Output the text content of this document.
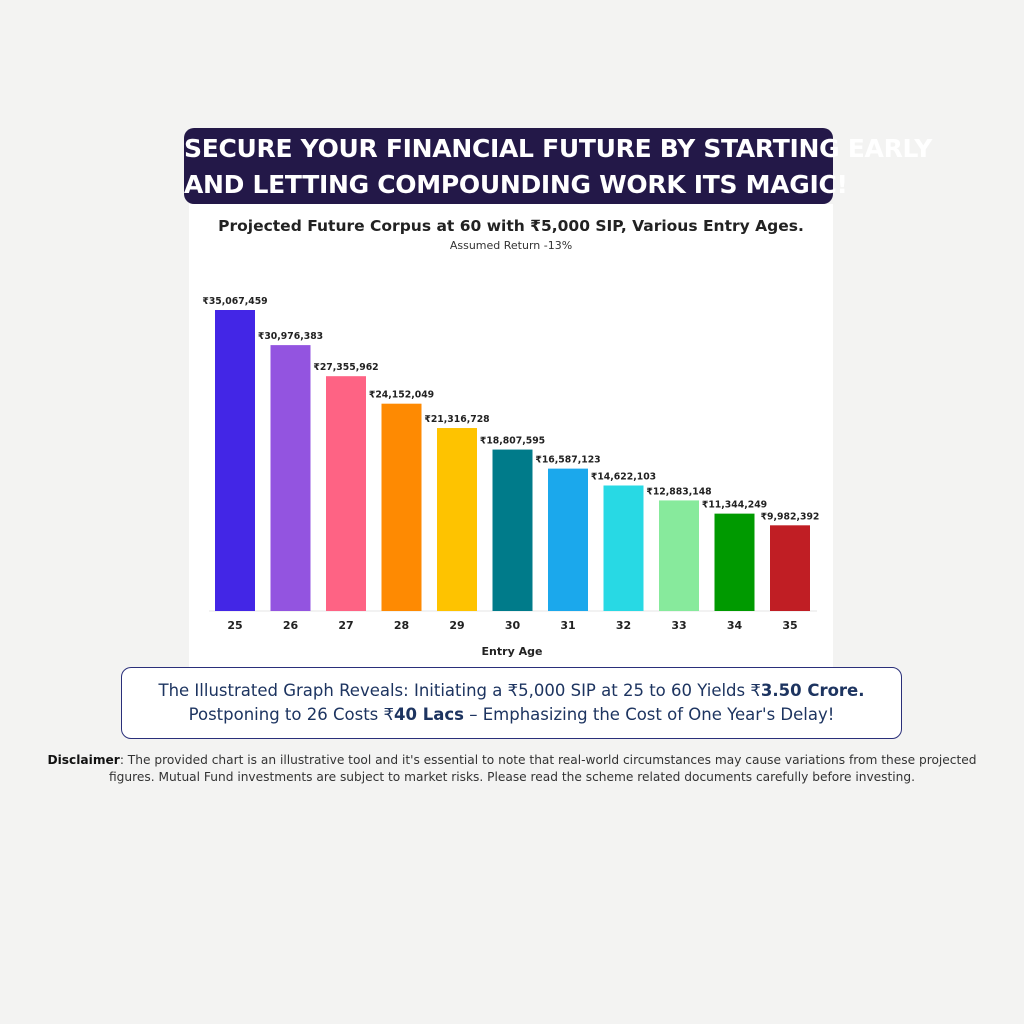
SECURE YOUR FINANCIAL FUTURE BY STARTING EARLY
AND LETTING COMPOUNDING WORK ITS MAGIC!
Projected Future Corpus at 60 with ₹5,000 SIP, Various Entry Ages.
Assumed Return -13%
₹35,067,459
25
₹30,976,383
26
₹27,355,962
27
₹24,152,049
28
₹21,316,728
29
₹18,807,595
30
₹16,587,123
31
₹14,622,103
32
₹12,883,148
33
₹11,344,249
34
₹9,982,392
35
Entry Age
The Illustrated Graph Reveals: Initiating a ₹5,000 SIP at 25 to 60 Yields ₹3.50 Crore.
Postponing to 26 Costs ₹40 Lacs – Emphasizing the Cost of One Year's Delay!
Disclaimer: The provided chart is an illustrative tool and it's essential to note that real-world circumstances may cause variations from these projected figures. Mutual Fund investments are subject to market risks. Please read the scheme related documents carefully before investing.
